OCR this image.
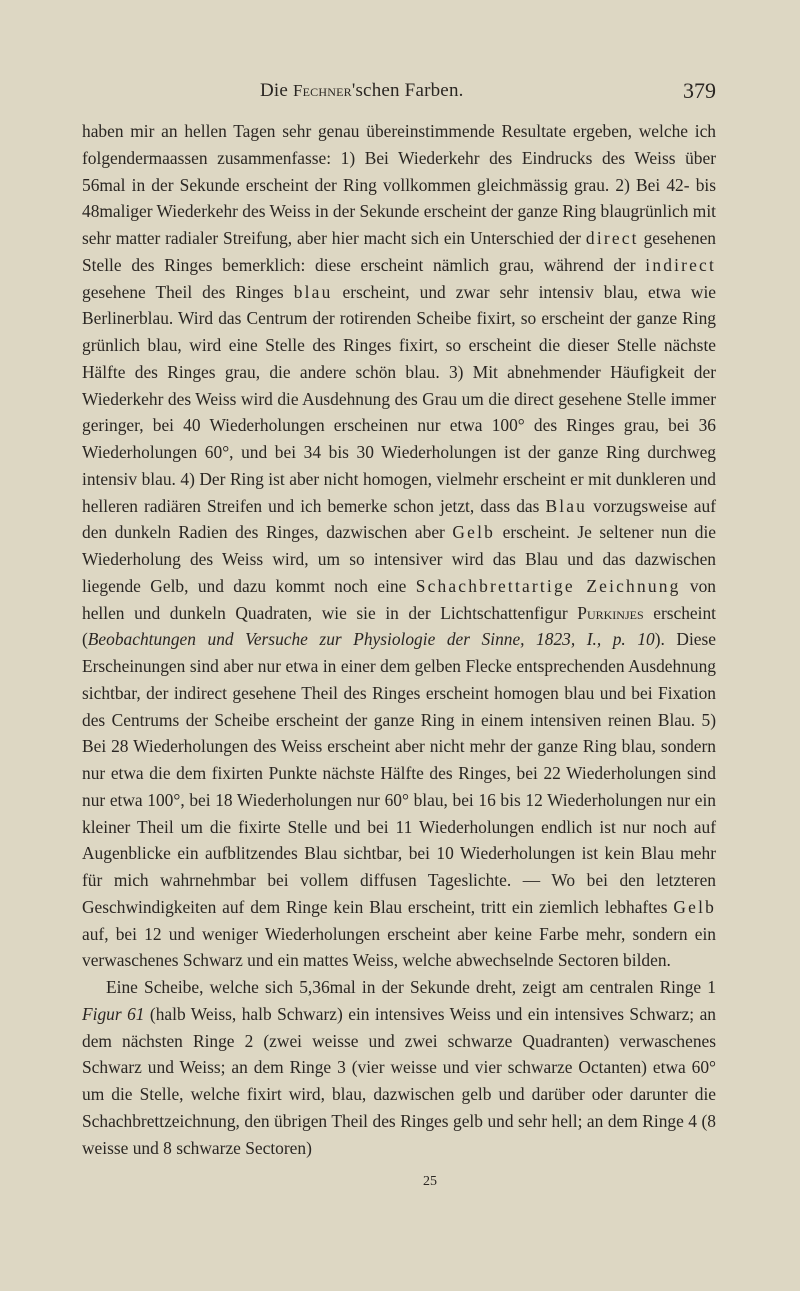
Die Fechner'schen Farben.	379

haben mir an hellen Tagen sehr genau übereinstimmende Resultate ergeben, welche ich folgendermaassen zusammenfasse: 1) Bei Wiederkehr des Eindrucks des Weiss über 56mal in der Sekunde erscheint der Ring vollkommen gleichmässig grau. 2) Bei 42- bis 48maliger Wiederkehr des Weiss in der Sekunde erscheint der ganze Ring blaugrünlich mit sehr matter radialer Streifung, aber hier macht sich ein Unterschied der direct gesehenen Stelle des Ringes bemerklich: diese erscheint nämlich grau, während der indirect gesehene Theil des Ringes blau erscheint, und zwar sehr intensiv blau, etwa wie Berlinerblau. Wird das Centrum der rotirenden Scheibe fixirt, so erscheint der ganze Ring grünlich blau, wird eine Stelle des Ringes fixirt, so erscheint die dieser Stelle nächste Hälfte des Ringes grau, die andere schön blau. 3) Mit abnehmender Häufigkeit der Wiederkehr des Weiss wird die Ausdehnung des Grau um die direct gesehene Stelle immer geringer, bei 40 Wiederholungen erscheinen nur etwa 100° des Ringes grau, bei 36 Wiederholungen 60°, und bei 34 bis 30 Wiederholungen ist der ganze Ring durchweg intensiv blau. 4) Der Ring ist aber nicht homogen, vielmehr erscheint er mit dunkleren und helleren radiären Streifen und ich bemerke schon jetzt, dass das Blau vorzugsweise auf den dunkeln Radien des Ringes, dazwischen aber Gelb erscheint. Je seltener nun die Wiederholung des Weiss wird, um so intensiver wird das Blau und das dazwischen liegende Gelb, und dazu kommt noch eine Schachbrettartige Zeichnung von hellen und dunkeln Quadraten, wie sie in der Lichtschattenfigur Purkinjes erscheint (Beobachtungen und Versuche zur Physiologie der Sinne, 1823, I., p. 10). Diese Erscheinungen sind aber nur etwa in einer dem gelben Flecke entsprechenden Ausdehnung sichtbar, der indirect gesehene Theil des Ringes erscheint homogen blau und bei Fixation des Centrums der Scheibe erscheint der ganze Ring in einem intensiven reinen Blau. 5) Bei 28 Wiederholungen des Weiss erscheint aber nicht mehr der ganze Ring blau, sondern nur etwa die dem fixirten Punkte nächste Hälfte des Ringes, bei 22 Wiederholungen sind nur etwa 100°, bei 18 Wiederholungen nur 60° blau, bei 16 bis 12 Wiederholungen nur ein kleiner Theil um die fixirte Stelle und bei 11 Wiederholungen endlich ist nur noch auf Augenblicke ein aufblitzendes Blau sichtbar, bei 10 Wiederholungen ist kein Blau mehr für mich wahrnehmbar bei vollem diffusen Tageslichte. — Wo bei den letzteren Geschwindigkeiten auf dem Ringe kein Blau erscheint, tritt ein ziemlich lebhaftes Gelb auf, bei 12 und weniger Wiederholungen erscheint aber keine Farbe mehr, sondern ein verwaschenes Schwarz und ein mattes Weiss, welche abwechselnde Sectoren bilden.

Eine Scheibe, welche sich 5,36mal in der Sekunde dreht, zeigt am centralen Ringe 1 Figur 61 (halb Weiss, halb Schwarz) ein intensives Weiss und ein intensives Schwarz; an dem nächsten Ringe 2 (zwei weisse und zwei schwarze Quadranten) verwaschenes Schwarz und Weiss; an dem Ringe 3 (vier weisse und vier schwarze Octanten) etwa 60° um die Stelle, welche fixirt wird, blau, dazwischen gelb und darüber oder darunter die Schachbrettzeichnung, den übrigen Theil des Ringes gelb und sehr hell; an dem Ringe 4 (8 weisse und 8 schwarze Sectoren)

25
